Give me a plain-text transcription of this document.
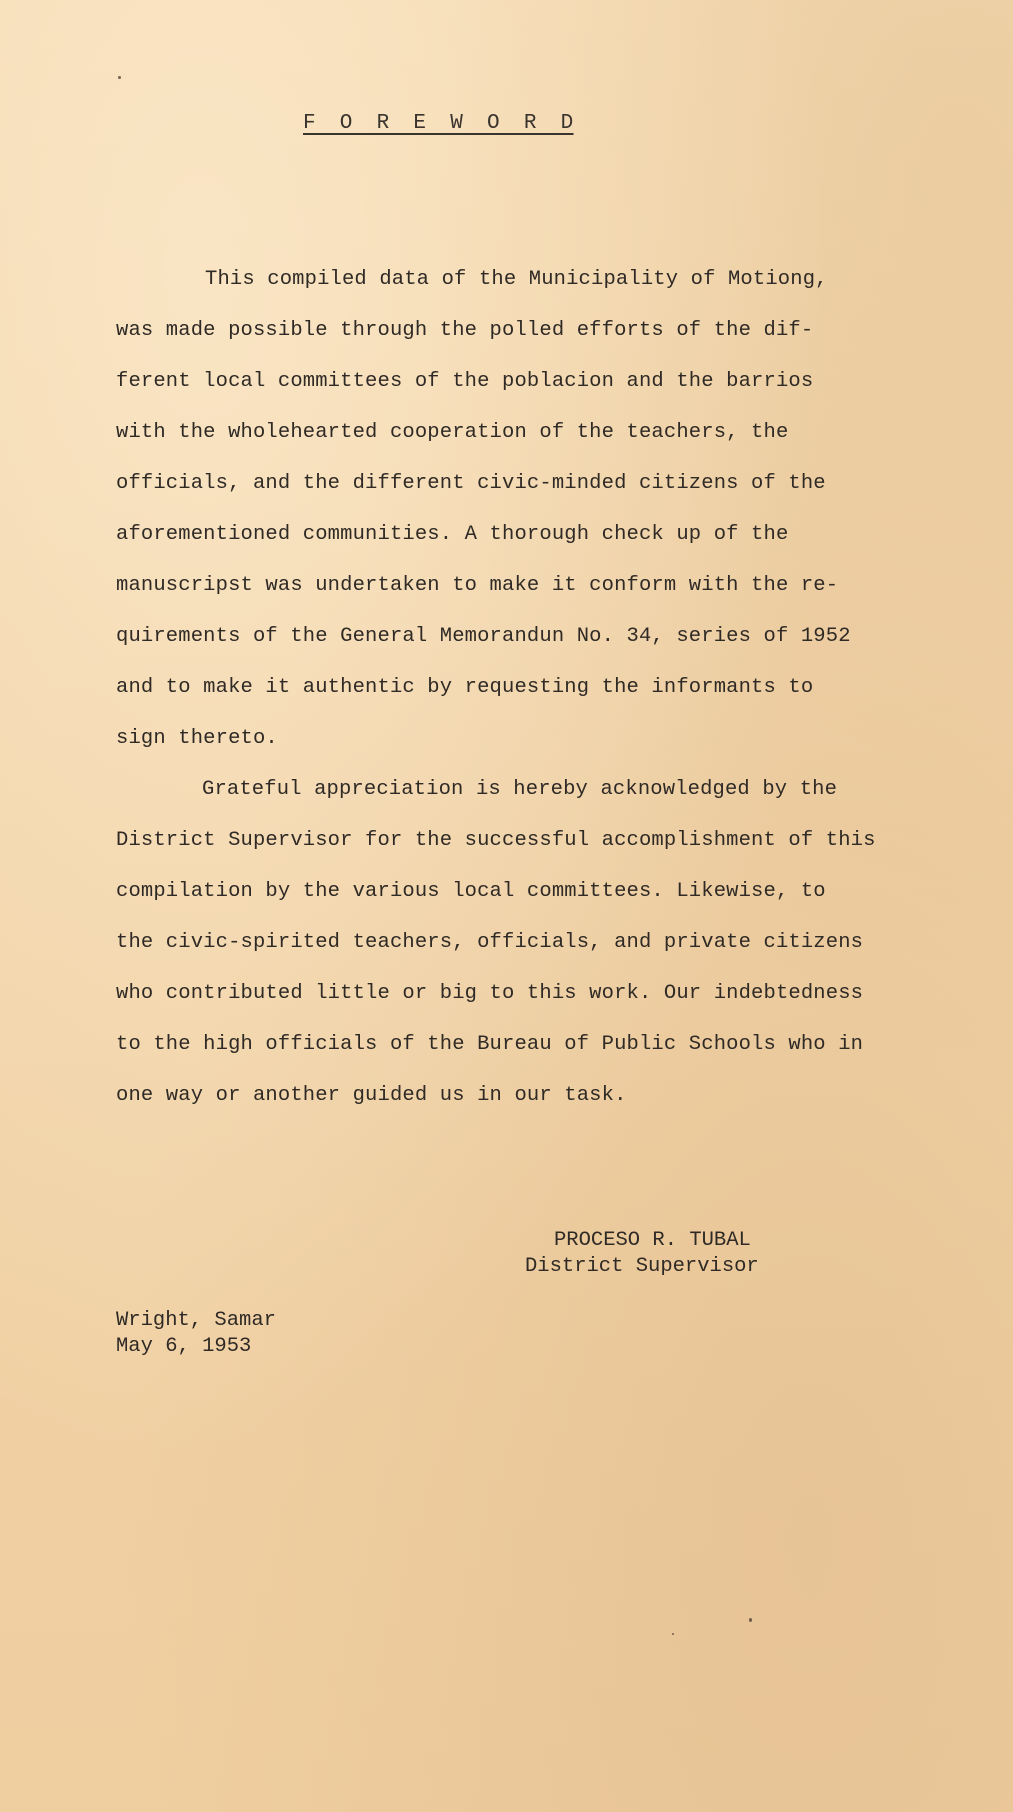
F O R E W O R D
This compiled data of the Municipality of Motiong,
was made possible through the polled efforts of the dif-
ferent local committees of the poblacion and the barrios
with the wholehearted cooperation of the teachers, the
officials, and the different civic-minded citizens of the
aforementioned communities. A thorough check up of the
manuscripst was undertaken to make it conform with the re-
quirements of the General Memorandun No. 34, series of 1952
and to make it authentic by requesting the informants to
sign thereto.
Grateful appreciation is hereby acknowledged by the
District Supervisor for the successful accomplishment of this
compilation by the various local committees. Likewise, to
the civic-spirited teachers, officials, and private citizens
who contributed little or big to this work. Our indebtedness
to the high officials of the Bureau of Public Schools who in
one way or another guided us in our task.
PROCESO R. TUBAL
District Supervisor
Wright, Samar
May 6, 1953
